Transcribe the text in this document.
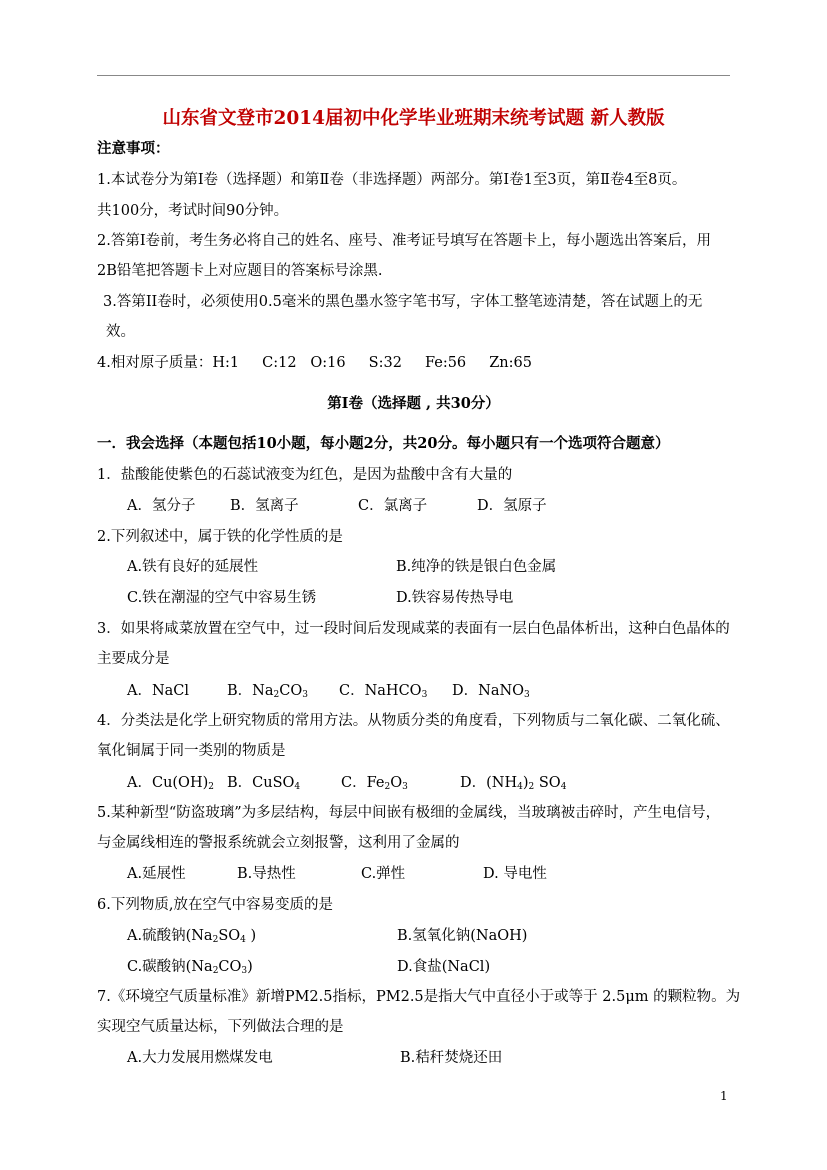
山东省文登市2014届初中化学毕业班期末统考试题 新人教版
注意事项：
1.本试卷分为第Ⅰ卷（选择题）和第Ⅱ卷（非选择题）两部分。第Ⅰ卷1至3页，第Ⅱ卷4至8页。
共100分，考试时间90分钟。
2.答第Ⅰ卷前，考生务必将自己的姓名、座号、准考证号填写在答题卡上，每小题选出答案后，用
2B铅笔把答题卡上对应题目的答案标号涂黑.
3.答第II卷时，必须使用0.5毫米的黑色墨水签字笔书写，字体工整笔迹清楚，答在试题上的无
效。
4.相对原子质量：H:1     C:12   O:16     S:32     Fe:56     Zn:65
第Ⅰ卷（选择题 , 共30分）
一．我会选择（本题包括10小题，每小题2分，共20分。每小题只有一个选项符合题意）
1．盐酸能使紫色的石蕊试液变为红色，是因为盐酸中含有大量的
A．氢分子 B．氢离子	C．氯离子	D．氢原子
2.下列叙述中，属于铁的化学性质的是
A.铁有良好的延展性	B.纯净的铁是银白色金属
C.铁在潮湿的空气中容易生锈	D.铁容易传热导电
3．如果将咸菜放置在空气中，过一段时间后发现咸菜的表面有一层白色晶体析出，这种白色晶体的
主要成分是
A．NaCl	B．$Na_2CO_3$ C．NaHCO$_3$ D．NaNO$_3$
4．分类法是化学上研究物质的常用方法。从物质分类的角度看，下列物质与二氧化碳、二氧化硫、
氧化铜属于同一类别的物质是
A．$Cu(OH)_2$ B．CuSO$_4$	C．$Fe_2O_3$	D．$(NH_4)_2$ $SO_4$
5.某种新型“防盗玻璃”为多层结构，每层中间嵌有极细的金属线，当玻璃被击碎时，产生电信号，
与金属线相连的警报系统就会立刻报警，这利用了金属的
A.延展性	B.导热性	C.弹性	D. 导电性
6.下列物质,放在空气中容易变质的是
A.硫酸钠($Na_2SO_4$ )	B.氢氧化钠(NaOH)
C.碳酸钠$(Na_2CO_3)$	D.食盐(NaCl)
7.《环境空气质量标准》新增PM2.5指标，PM2.5是指大气中直径小于或等于 2.5μm 的颗粒物。为
实现空气质量达标，下列做法合理的是
A.大力发展用燃煤发电	B.秸秆焚烧还田
1
